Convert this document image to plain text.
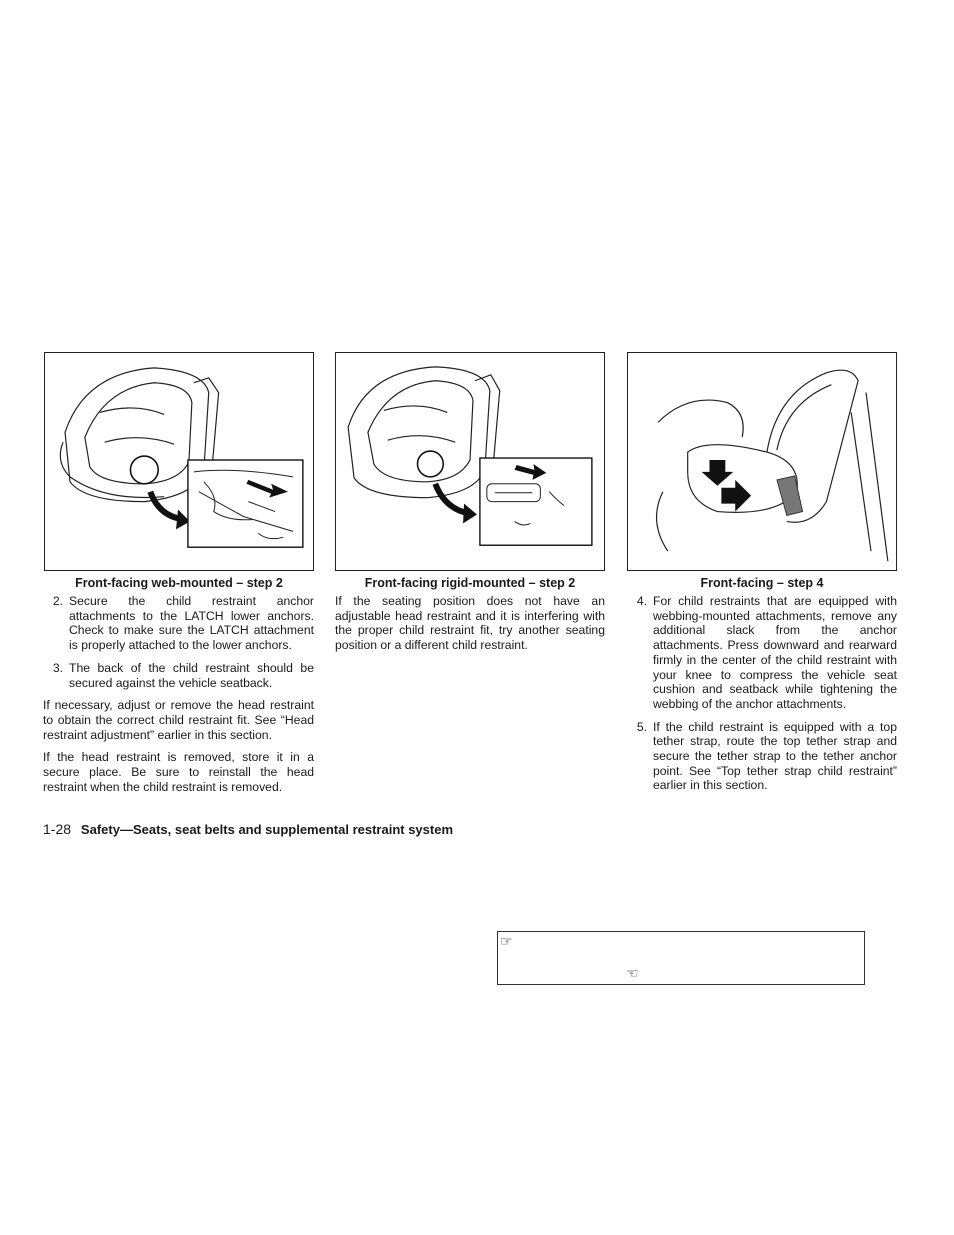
Front-facing web-mounted – step 2	Front-facing rigid-mounted – step 2	Front-facing – step 4
2. Secure the child restraint anchor attachments to the LATCH lower anchors. Check to make sure the LATCH attachment is properly attached to the lower anchors.
3. The back of the child restraint should be secured against the vehicle seatback.

If necessary, adjust or remove the head restraint to obtain the correct child restraint fit. See “Head restraint adjustment” earlier in this section.

If the head restraint is removed, store it in a secure place. Be sure to reinstall the head restraint when the child restraint is removed.

If the seating position does not have an adjustable head restraint and it is interfering with the proper child restraint fit, try another seating position or a different child restraint.

4. For child restraints that are equipped with webbing-mounted attachments, remove any additional slack from the anchor attachments. Press downward and rearward firmly in the center of the child restraint with your knee to compress the vehicle seat cushion and seatback while tightening the webbing of the anchor attachments.
5. If the child restraint is equipped with a top tether strap, route the top tether strap and secure the tether strap to the tether anchor point. See “Top tether strap child restraint” earlier in this section.
1-28 Safety—Seats, seat belts and supplemental restraint system
☞
☜
